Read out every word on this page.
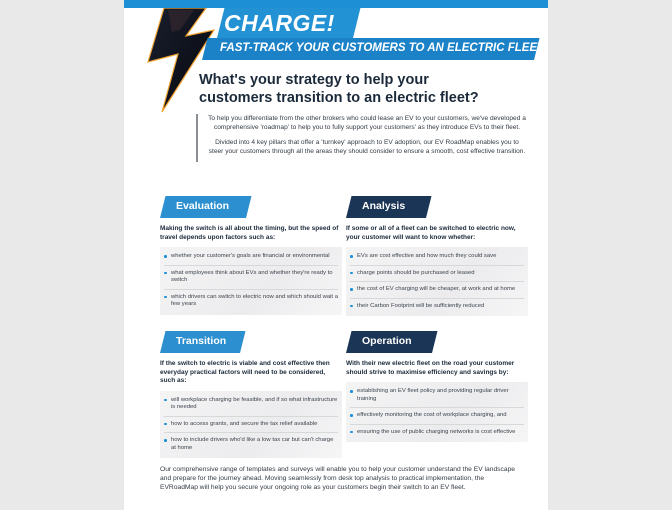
CHARGE!
FAST-TRACK YOUR CUSTOMERS TO AN ELECTRIC FLEET
What's your strategy to help your customers transition to an electric fleet?

To help you differentiate from the other brokers who could lease an EV to your customers, we've developed a comprehensive 'roadmap' to help you to fully support your customers' as they introduce EVs to their fleet.

Divided into 4 key pillars that offer a 'turnkey' approach to EV adoption, our EV RoadMap enables you to steer your customers through all the areas they should consider to ensure a smooth, cost effective transition.

Evaluation
Making the switch is all about the timing, but the speed of travel depends upon factors such as:
whether your customer's goals are financial or environmental
what employees think about EVs and whether they're ready to switch
which drivers can switch to electric now and which should wait a few years
Analysis
If some or all of a fleet can be switched to electric now, your customer will want to know whether:
EVs are cost effective and how much they could save
charge points should be purchased or leased
the cost of EV charging will be cheaper, at work and at home
their Carbon Footprint will be sufficiently reduced
Transition
If the switch to electric is viable and cost effective then everyday practical factors will need to be considered, such as:
will workplace charging be feasible, and if so what infrastructure is needed
how to access grants, and secure the tax relief available
how to include drivers who'd like a low tax car but can't charge at home
Operation
With their new electric fleet on the road your customer should strive to maximise efficiency and savings by:
establishing an EV fleet policy and providing regular driver training
effectively monitoring the cost of workplace charging, and
ensuring the use of public charging networks is cost effective
Our comprehensive range of templates and surveys will enable you to help your customer understand the EV landscape and prepare for the journey ahead. Moving seamlessly from desk top analysis to practical implementation, the EVRoadMap will help you secure your ongoing role as your customers begin their switch to an EV fleet.
